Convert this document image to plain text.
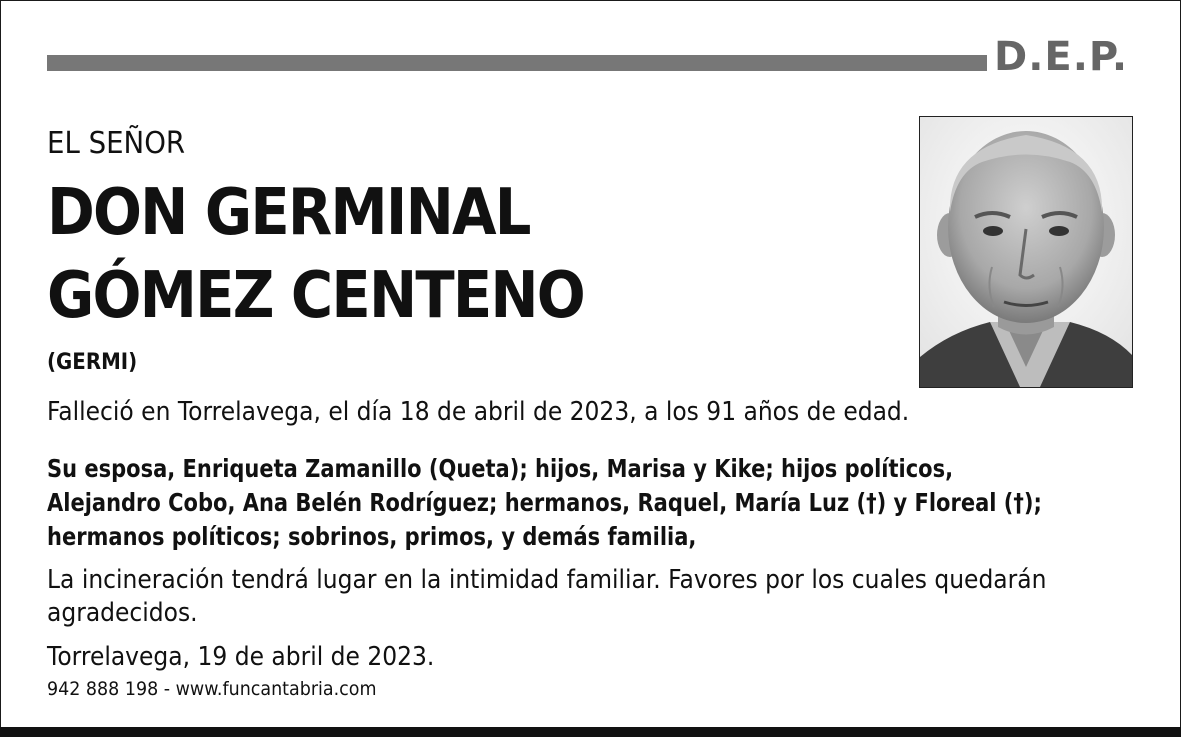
D.E.P.
EL SEÑOR
DON GERMINAL
GÓMEZ CENTENO
(GERMI)
Falleció en Torrelavega, el día 18 de abril de 2023, a los 91 años de edad.
Su esposa, Enriqueta Zamanillo (Queta); hijos, Marisa y Kike; hijos políticos,
Alejandro Cobo, Ana Belén Rodríguez; hermanos, Raquel, María Luz (†) y Floreal (†);
hermanos políticos; sobrinos, primos, y demás familia,
La incineración tendrá lugar en la intimidad familiar. Favores por los cuales quedarán
agradecidos.
Torrelavega, 19 de abril de 2023.
942 888 198 - www.funcantabria.com
